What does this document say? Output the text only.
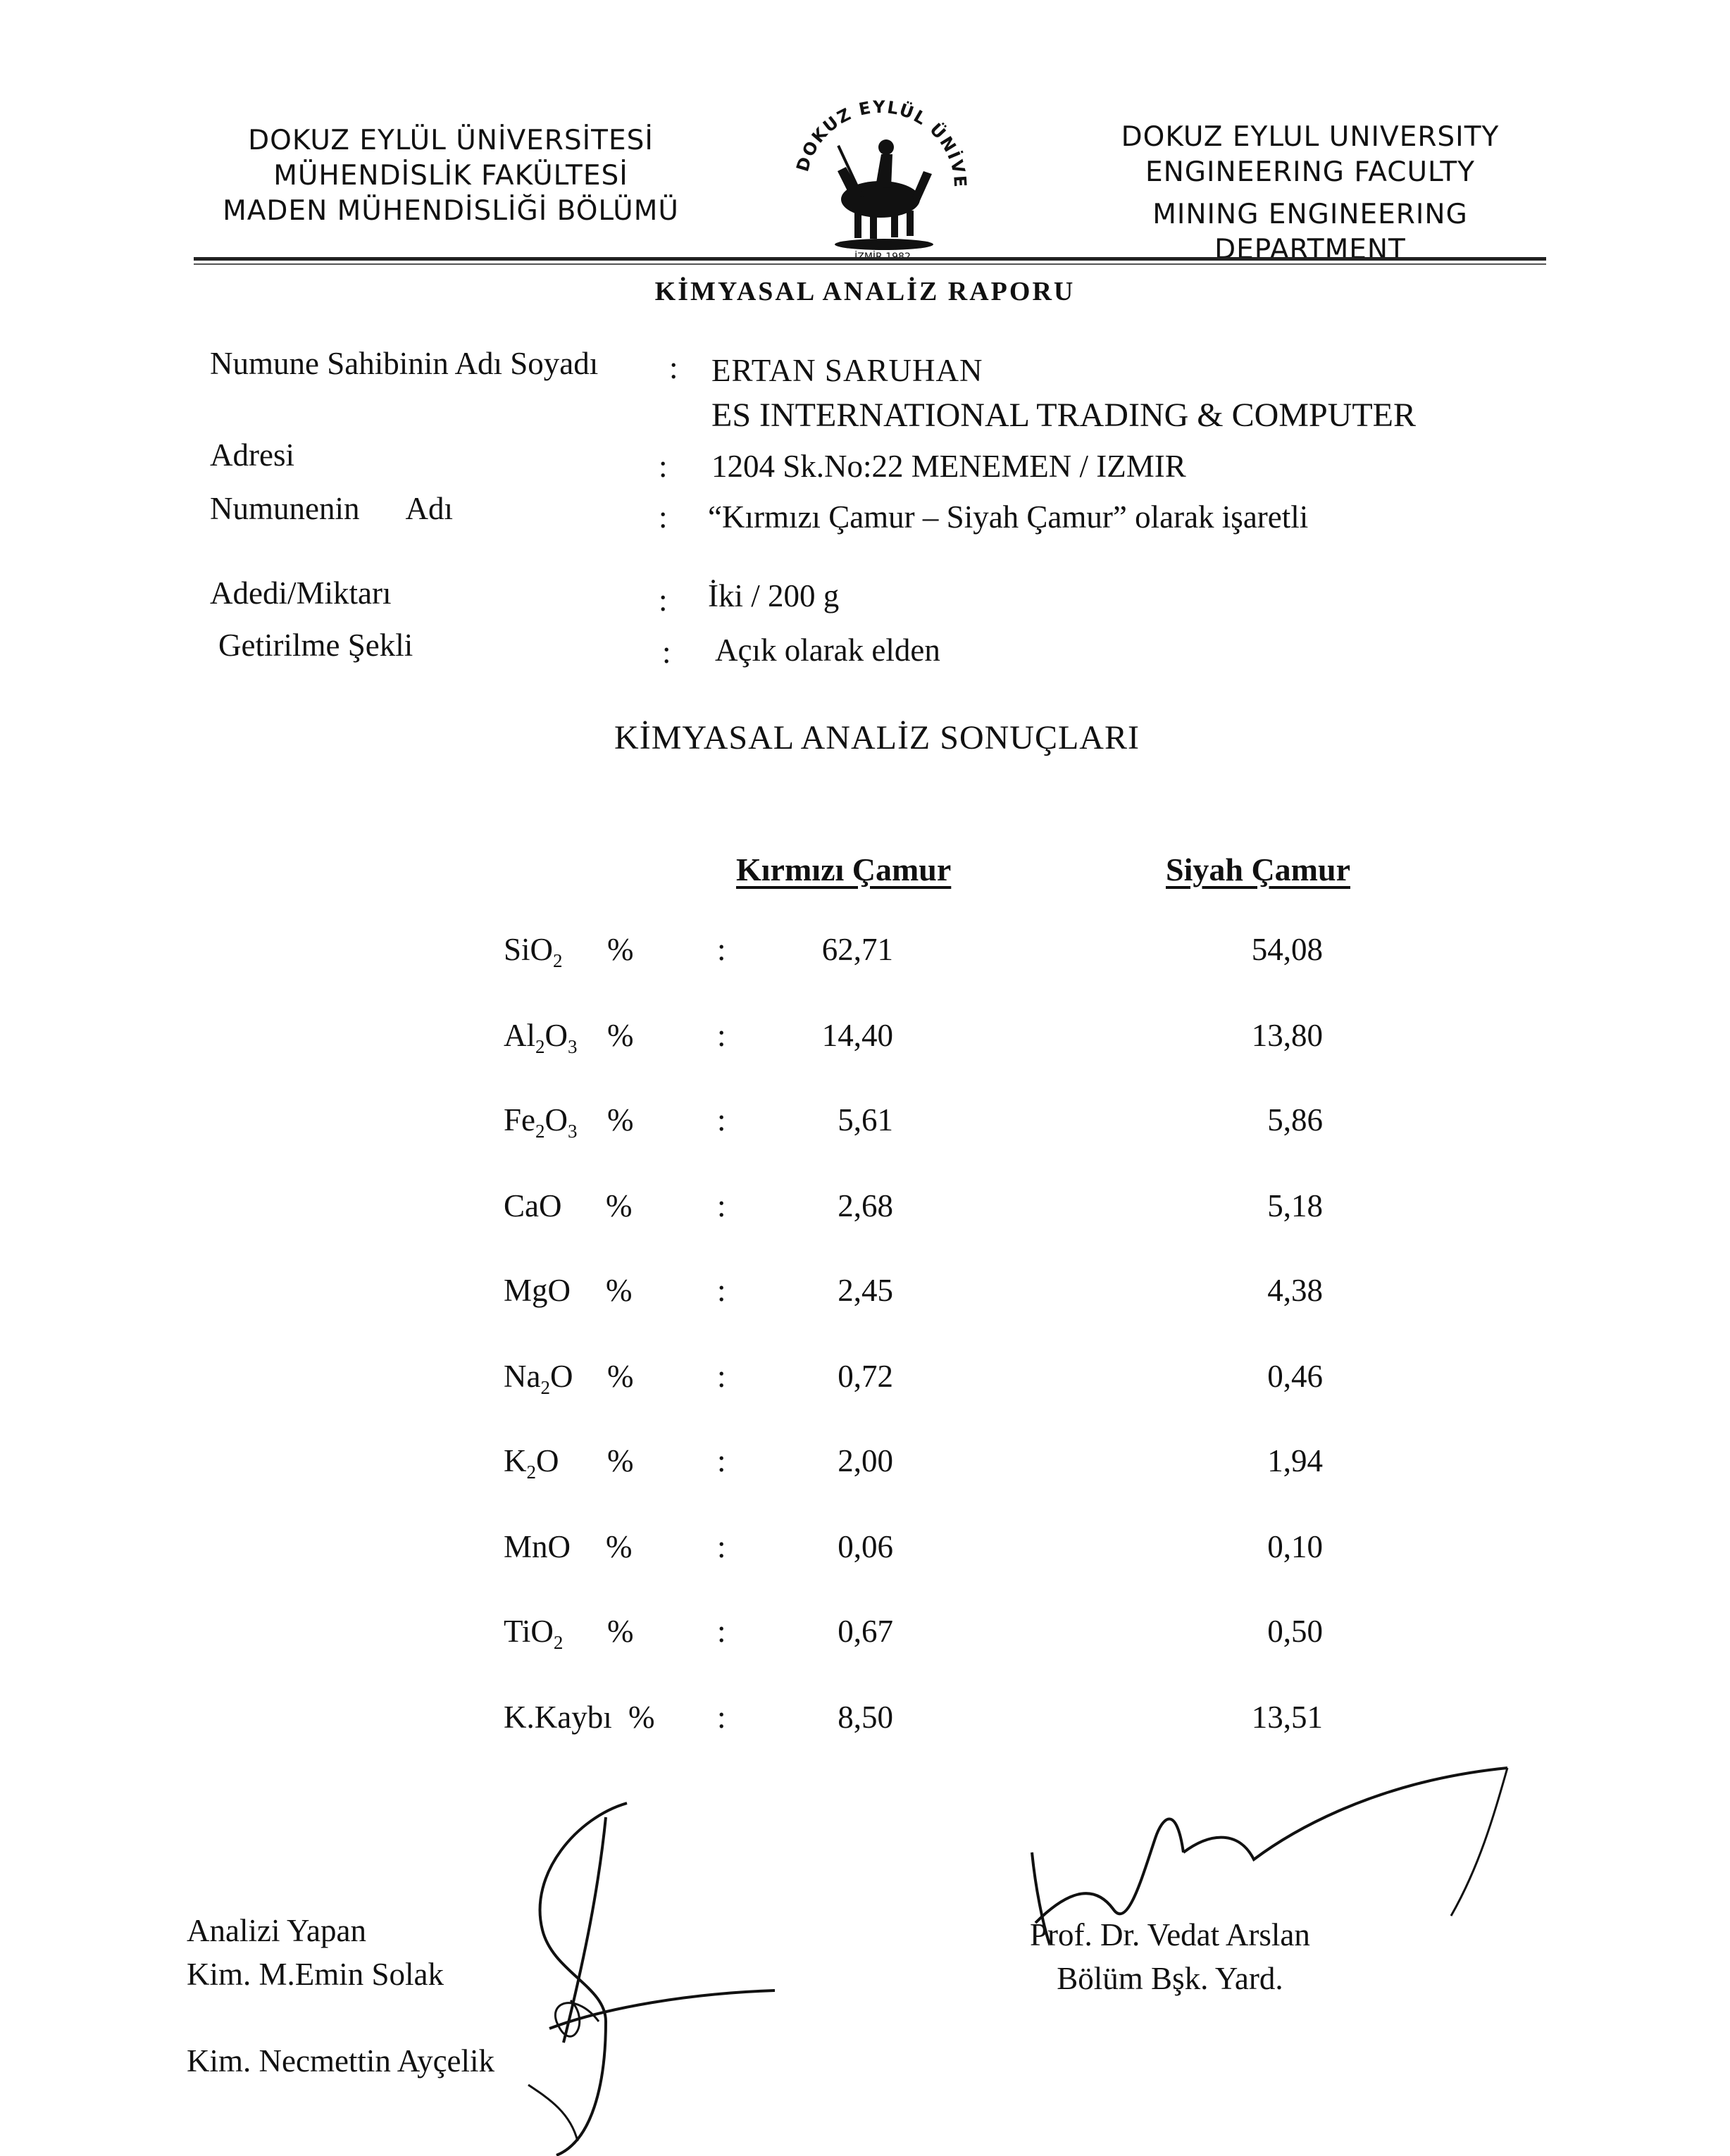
DOKUZ EYLÜL ÜNİVERSİTESİ
MÜHENDİSLİK FAKÜLTESİ
MADEN MÜHENDİSLİĞİ BÖLÜMÜ
DOKUZ EYLÜL ÜNİVE
İZMİR 1982
DOKUZ EYLUL UNIVERSITY
ENGINEERING FACULTY
MINING ENGINEERING
DEPARTMENT
KİMYASAL ANALİZ RAPORU
Numune Sahibinin Adı Soyadı : ERTAN SARUHAN
ES INTERNATIONAL TRADING & COMPUTER
Adresi	: 1204 Sk.No:22 MENEMEN / IZMIR
Numunenin      Adı	: “Kırmızı Çamur – Siyah Çamur” olarak işaretli
Adedi/Miktarı	: İki / 200 g
Getirilme Şekli	: Açık olarak elden
KİMYASAL ANALİZ SONUÇLARI
Kırmızı Çamur	Siyah Çamur
SiO$_2$ %	:	62,71	54,08
$Al_2O_3$ %	:	14,40	13,80
$Fe_2O_3$ %	:	5,61	5,86
CaO %	:	2,68	5,18
MgO %	:	2,45	4,38
$Na_2O$ %	:	0,72	0,46
$K_2O$ %	:	2,00	1,94
MnO %	:	0,06	0,10
TiO$_2$ %	:	0,67	0,50
K.Kaybı % :	8,50	13,51
Analizi Yapan
Kim. M.Emin Solak
Kim. Necmettin Ayçelik
Prof. Dr. Vedat Arslan
Bölüm Bşk. Yard.
